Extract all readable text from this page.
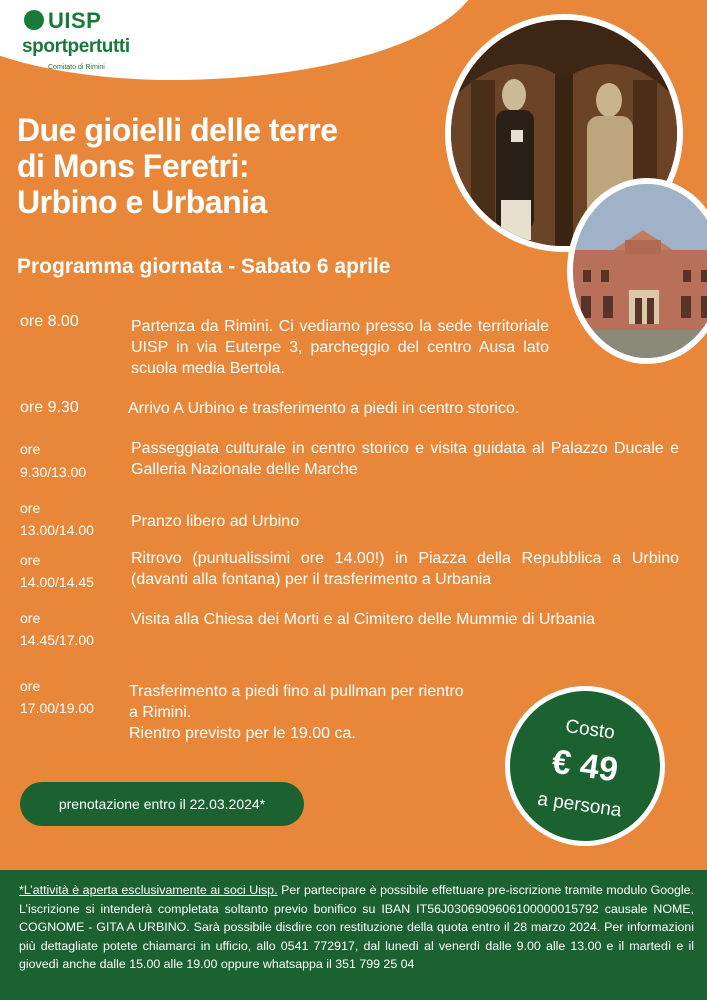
UISP
sportpertutti
Comitato di Rimini
Due gioielli delle terre
di Mons Feretri:
Urbino e Urbania
Programma giornata - Sabato 6 aprile
ore 8.00	Partenza da Rimini. Ci vediamo presso la sede territoriale UISP in via Euterpe 3, parcheggio del centro Ausa lato scuola media Bertola.
ore 9.30	Arrivo A Urbino e trasferimento a piedi in centro storico.
ore
9.30/13.00
Passeggiata culturale in centro storico e visita guidata al Palazzo Ducale e Galleria Nazionale delle Marche
ore
13.00/14.00 Pranzo libero ad Urbino
ore
14.00/14.45
Ritrovo (puntualissimi ore 14.00!) in Piazza della Repubblica a Urbino (davanti alla fontana) per il trasferimento a Urbania
ore
14.45/17.00
Visita alla Chiesa dei Morti e al Cimitero delle Mummie di Urbania
ore
17.00/19.00
Trasferimento a piedi fino al pullman per rientro
a Rimini.
Rientro previsto per le 19.00 ca.
prenotazione entro il 22.03.2024*
Costo
€ 49
a persona

*L’attività è aperta esclusivamente ai soci Uisp. Per partecipare è possibile effettuare pre-iscrizione tramite modulo Google. L’iscrizione si intenderà completata soltanto previo bonifico su IBAN IT56J0306909606100000015792 causale NOME, COGNOME - GITA A URBINO. Sarà possibile disdire con restituzione della quota entro il 28 marzo 2024. Per informazioni più dettagliate potete chiamarci in ufficio, allo 0541 772917, dal lunedì al venerdì dalle 9.00 alle 13.00 e il martedì e il giovedì anche dalle 15.00 alle 19.00 oppure whatsappa il 351 799 25 04
